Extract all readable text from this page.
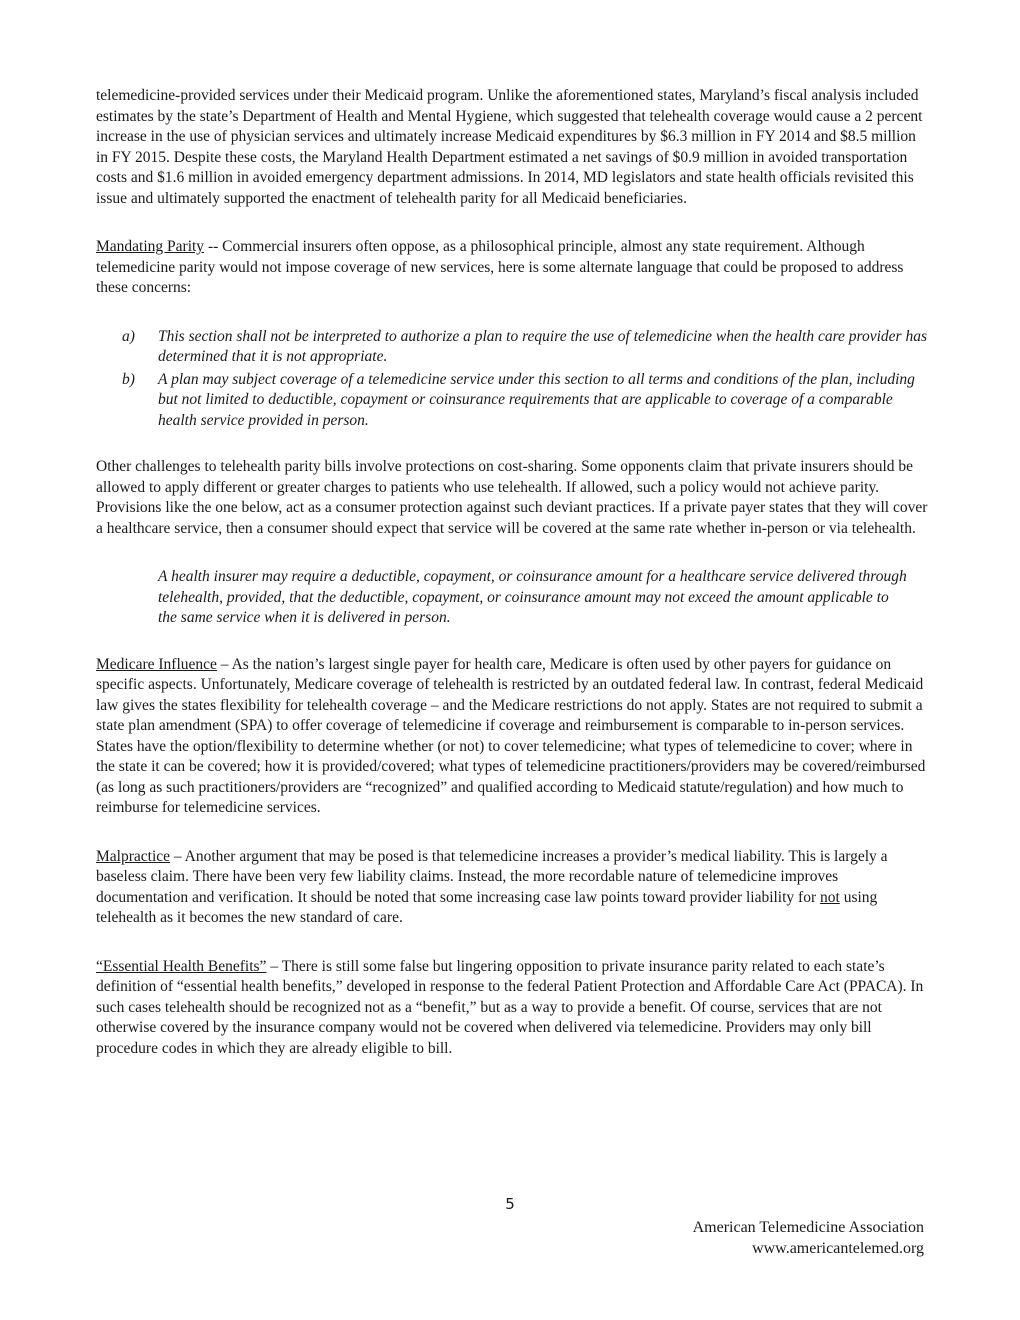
telemedicine-provided services under their Medicaid program. Unlike the aforementioned states, Maryland’s fiscal analysis included estimates by the state’s Department of Health and Mental Hygiene, which suggested that telehealth coverage would cause a 2 percent increase in the use of physician services and ultimately increase Medicaid expenditures by $6.3 million in FY 2014 and $8.5 million in FY 2015. Despite these costs, the Maryland Health Department estimated a net savings of $0.9 million in avoided transportation costs and $1.6 million in avoided emergency department admissions. In 2014, MD legislators and state health officials revisited this issue and ultimately supported the enactment of telehealth parity for all Medicaid beneficiaries.

Mandating Parity -- Commercial insurers often oppose, as a philosophical principle, almost any state requirement. Although telemedicine parity would not impose coverage of new services, here is some alternate language that could be proposed to address these concerns:

a) This section shall not be interpreted to authorize a plan to require the use of telemedicine when the health care provider has determined that it is not appropriate.
b) A plan may subject coverage of a telemedicine service under this section to all terms and conditions of the plan, including but not limited to deductible, copayment or coinsurance requirements that are applicable to coverage of a comparable health service provided in person.

Other challenges to telehealth parity bills involve protections on cost-sharing. Some opponents claim that private insurers should be allowed to apply different or greater charges to patients who use telehealth. If allowed, such a policy would not achieve parity. Provisions like the one below, act as a consumer protection against such deviant practices. If a private payer states that they will cover a healthcare service, then a consumer should expect that service will be covered at the same rate whether in-person or via telehealth.

A health insurer may require a deductible, copayment, or coinsurance amount for a healthcare service delivered through telehealth, provided, that the deductible, copayment, or coinsurance amount may not exceed the amount applicable to the same service when it is delivered in person.

Medicare Influence – As the nation’s largest single payer for health care, Medicare is often used by other payers for guidance on specific aspects. Unfortunately, Medicare coverage of telehealth is restricted by an outdated federal law. In contrast, federal Medicaid law gives the states flexibility for telehealth coverage – and the Medicare restrictions do not apply. States are not required to submit a state plan amendment (SPA) to offer coverage of telemedicine if coverage and reimbursement is comparable to in-person services. States have the option/flexibility to determine whether (or not) to cover telemedicine; what types of telemedicine to cover; where in the state it can be covered; how it is provided/covered; what types of telemedicine practitioners/providers may be covered/reimbursed (as long as such practitioners/providers are “recognized” and qualified according to Medicaid statute/regulation) and how much to reimburse for telemedicine services.

Malpractice – Another argument that may be posed is that telemedicine increases a provider’s medical liability. This is largely a baseless claim. There have been very few liability claims. Instead, the more recordable nature of telemedicine improves documentation and verification. It should be noted that some increasing case law points toward provider liability for not using telehealth as it becomes the new standard of care.

“Essential Health Benefits” – There is still some false but lingering opposition to private insurance parity related to each state’s definition of “essential health benefits,” developed in response to the federal Patient Protection and Affordable Care Act (PPACA). In such cases telehealth should be recognized not as a “benefit,” but as a way to provide a benefit. Of course, services that are not otherwise covered by the insurance company would not be covered when delivered via telemedicine. Providers may only bill procedure codes in which they are already eligible to bill.

5
American Telemedicine Association
www.americantelemed.org
